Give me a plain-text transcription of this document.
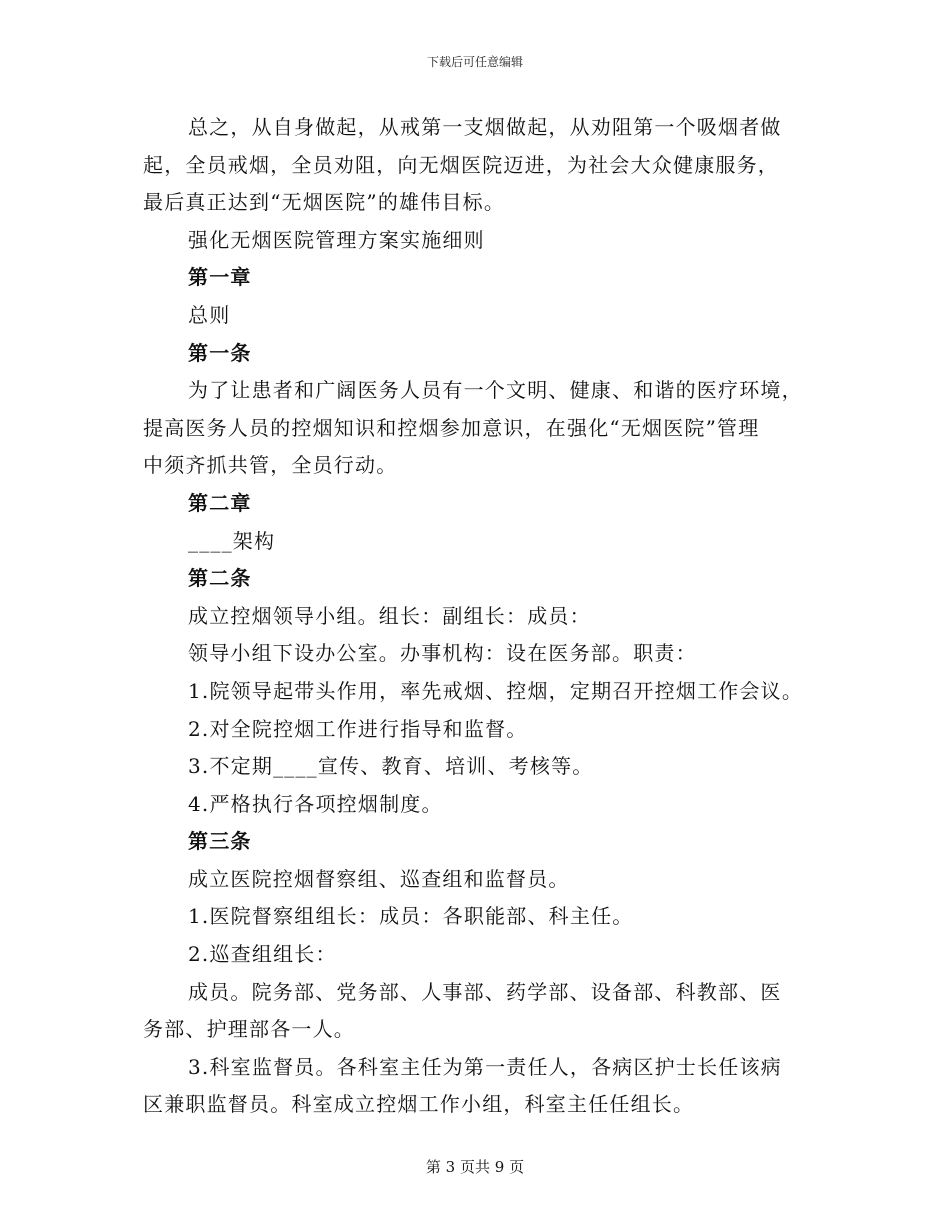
下载后可任意编辑

总之，从自身做起，从戒第一支烟做起，从劝阻第一个吸烟者做
起，全员戒烟，全员劝阻，向无烟医院迈进，为社会大众健康服务，
最后真正达到“无烟医院”的雄伟目标。

强化无烟医院管理方案实施细则

第一章

总则

第一条

为了让患者和广阔医务人员有一个文明、健康、和谐的医疗环境，
提高医务人员的控烟知识和控烟参加意识，在强化“无烟医院”管理
中须齐抓共管，全员行动。

第二章

____架构

第二条

成立控烟领导小组。组长：副组长：成员：

领导小组下设办公室。办事机构：设在医务部。职责：

1.院领导起带头作用，率先戒烟、控烟，定期召开控烟工作会议。

2.对全院控烟工作进行指导和监督。

3.不定期____宣传、教育、培训、考核等。

4.严格执行各项控烟制度。

第三条

成立医院控烟督察组、巡查组和监督员。

1.医院督察组组长：成员：各职能部、科主任。

2.巡查组组长：

成员。院务部、党务部、人事部、药学部、设备部、科教部、医
务部、护理部各一人。

3.科室监督员。各科室主任为第一责任人，各病区护士长任该病
区兼职监督员。科室成立控烟工作小组，科室主任任组长。

第 3 页共 9 页
